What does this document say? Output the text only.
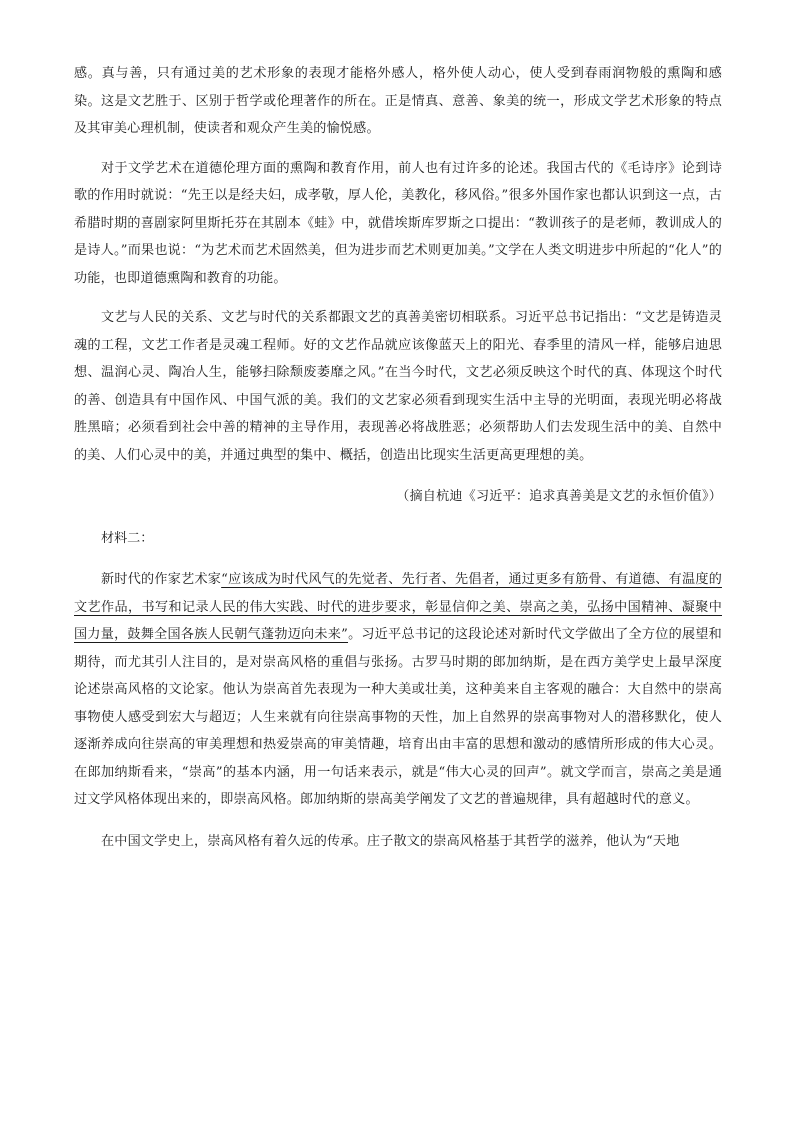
感。真与善，只有通过美的艺术形象的表现才能格外感人，格外使人动心，使人受到春雨润物般的熏陶和感染。这是文艺胜于、区别于哲学或伦理著作的所在。正是情真、意善、象美的统一，形成文学艺术形象的特点及其审美心理机制，使读者和观众产生美的愉悦感。

对于文学艺术在道德伦理方面的熏陶和教育作用，前人也有过许多的论述。我国古代的《毛诗序》论到诗歌的作用时就说：“先王以是经夫妇，成孝敬，厚人伦，美教化，移风俗。”很多外国作家也都认识到这一点，古希腊时期的喜剧家阿里斯托芬在其剧本《蛙》中，就借埃斯库罗斯之口提出：“教训孩子的是老师，教训成人的是诗人。”而果也说：“为艺术而艺术固然美，但为进步而艺术则更加美。”文学在人类文明进步中所起的“化人”的功能，也即道德熏陶和教育的功能。

文艺与人民的关系、文艺与时代的关系都跟文艺的真善美密切相联系。习近平总书记指出：“文艺是铸造灵魂的工程，文艺工作者是灵魂工程师。好的文艺作品就应该像蓝天上的阳光、春季里的清风一样，能够启迪思想、温润心灵、陶冶人生，能够扫除颓废萎靡之风。”在当今时代，文艺必须反映这个时代的真、体现这个时代的善、创造具有中国作风、中国气派的美。我们的文艺家必须看到现实生活中主导的光明面，表现光明必将战胜黑暗；必须看到社会中善的精神的主导作用，表现善必将战胜恶；必须帮助人们去发现生活中的美、自然中的美、人们心灵中的美，并通过典型的集中、概括，创造出比现实生活更高更理想的美。

（摘自杭迪《习近平：追求真善美是文艺的永恒价值》）

材料二：

新时代的作家艺术家“应该成为时代风气的先觉者、先行者、先倡者，通过更多有筋骨、有道德、有温度的文艺作品，书写和记录人民的伟大实践、时代的进步要求，彰显信仰之美、崇高之美，弘扬中国精神、凝聚中国力量，鼓舞全国各族人民朝气蓬勃迈向未来”。习近平总书记的这段论述对新时代文学做出了全方位的展望和期待，而尤其引人注目的，是对崇高风格的重倡与张扬。古罗马时期的郎加纳斯，是在西方美学史上最早深度论述崇高风格的文论家。他认为崇高首先表现为一种大美或壮美，这种美来自主客观的融合：大自然中的崇高事物使人感受到宏大与超迈；人生来就有向往崇高事物的天性，加上自然界的崇高事物对人的潜移默化，使人逐渐养成向往崇高的审美理想和热爱崇高的审美情趣，培育出由丰富的思想和激动的感情所形成的伟大心灵。在郎加纳斯看来，“崇高”的基本内涵，用一句话来表示，就是“伟大心灵的回声”。就文学而言，崇高之美是通过文学风格体现出来的，即崇高风格。郎加纳斯的崇高美学阐发了文艺的普遍规律，具有超越时代的意义。

在中国文学史上，崇高风格有着久远的传承。庄子散文的崇高风格基于其哲学的滋养，他认为“天地
